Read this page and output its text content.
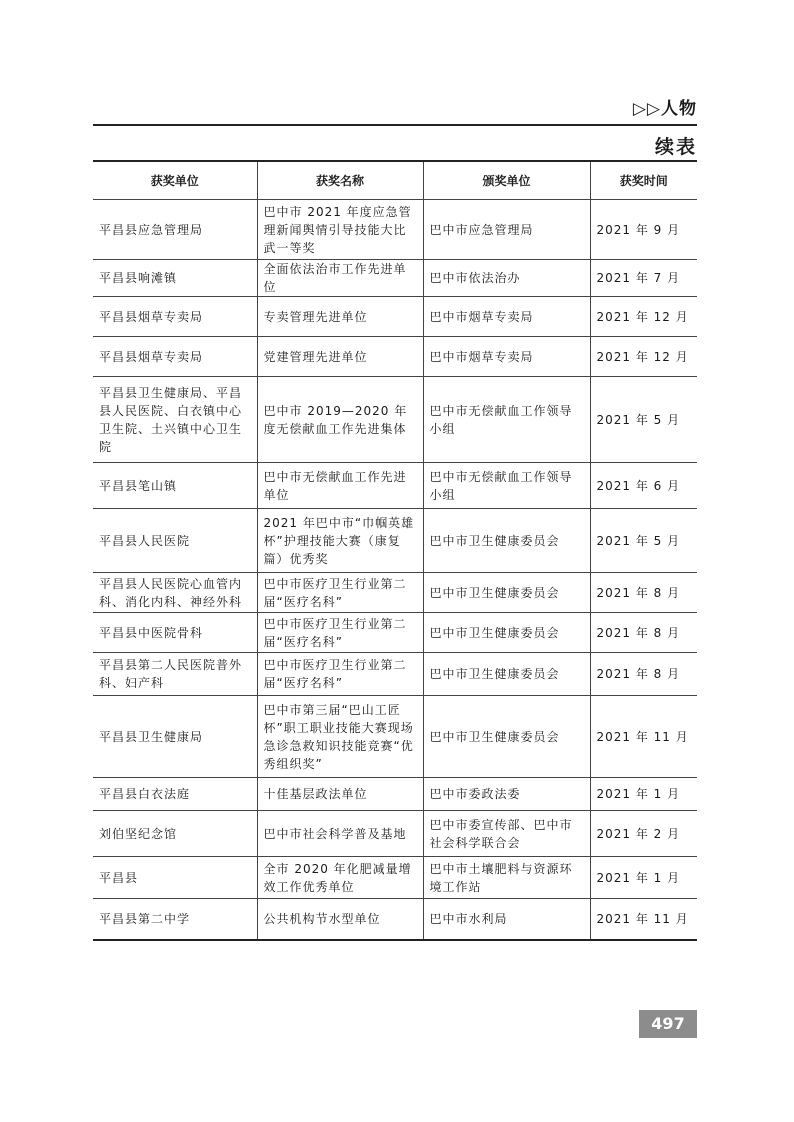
▷▷人物
续表
获奖单位	获奖名称	颁奖单位	获奖时间
平昌县应急管理局	巴中市 2021 年度应急管理新闻舆情引导技能大比武一等奖	巴中市应急管理局	2021 年 9 月
平昌县响滩镇	全面依法治市工作先进单位	巴中市依法治办	2021 年 7 月
平昌县烟草专卖局	专卖管理先进单位	巴中市烟草专卖局	2021 年 12 月
平昌县烟草专卖局	党建管理先进单位	巴中市烟草专卖局	2021 年 12 月
平昌县卫生健康局、平昌县人民医院、白衣镇中心卫生院、土兴镇中心卫生院	巴中市 2019—2020 年度无偿献血工作先进集体	巴中市无偿献血工作领导小组	2021 年 5 月
平昌县笔山镇	巴中市无偿献血工作先进单位	巴中市无偿献血工作领导小组	2021 年 6 月
平昌县人民医院	2021 年巴中市“巾帼英雄杯”护理技能大赛（康复篇）优秀奖	巴中市卫生健康委员会	2021 年 5 月
平昌县人民医院心血管内科、消化内科、神经外科	巴中市医疗卫生行业第二届“医疗名科”	巴中市卫生健康委员会	2021 年 8 月
平昌县中医院骨科	巴中市医疗卫生行业第二届“医疗名科”	巴中市卫生健康委员会	2021 年 8 月
平昌县第二人民医院普外科、妇产科	巴中市医疗卫生行业第二届“医疗名科”	巴中市卫生健康委员会	2021 年 8 月
平昌县卫生健康局	巴中市第三届“巴山工匠杯”职工职业技能大赛现场急诊急救知识技能竞赛“优秀组织奖”	巴中市卫生健康委员会	2021 年 11 月
平昌县白衣法庭	十佳基层政法单位	巴中市委政法委	2021 年 1 月
刘伯坚纪念馆	巴中市社会科学普及基地	巴中市委宣传部、巴中市社会科学联合会	2021 年 2 月
平昌县	全市 2020 年化肥减量增效工作优秀单位	巴中市土壤肥料与资源环境工作站	2021 年 1 月
平昌县第二中学	公共机构节水型单位	巴中市水利局	2021 年 11 月
497
